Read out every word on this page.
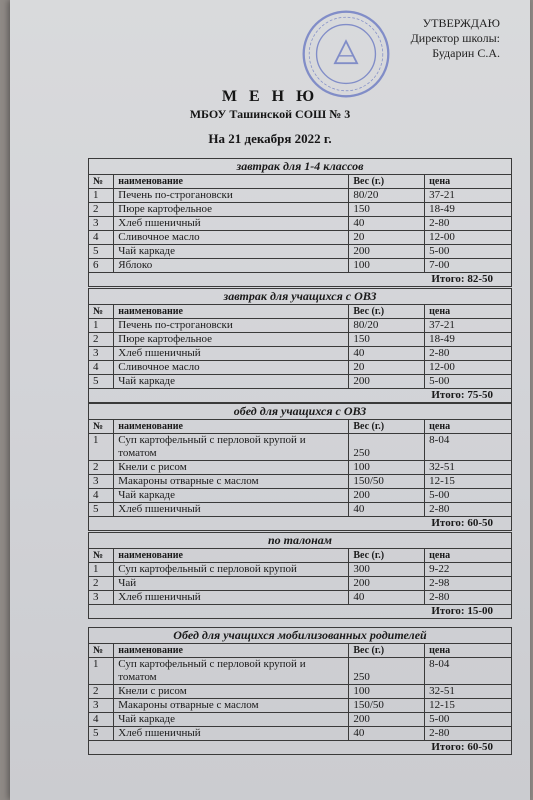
УТВЕРЖДАЮ
Директор школы:
Бударин С.А.
М Е Н Ю
МБОУ Ташинской СОШ № 3
На 21 декабря 2022 г.
завтрак для 1-4 классов			
№	наименование	Вес (г.)	цена
1	Печень по-строгановски	80/20	37-21
2	Пюре картофельное	150	18-49
3	Хлеб пшеничный	40	2-80
4	Сливочное масло	20	12-00
5	Чай каркаде	200	5-00
6	Яблоко	100	7-00
Итого: 82-50			
завтрак для учащихся с ОВЗ			
№	наименование	Вес (г.)	цена
1	Печень по-строгановски	80/20	37-21
2	Пюре картофельное	150	18-49
3	Хлеб пшеничный	40	2-80
4	Сливочное масло	20	12-00
5	Чай каркаде	200	5-00
Итого: 75-50			
обед для учащихся с ОВЗ			
№	наименование	Вес (г.)	цена
1	Суп картофельный с перловой крупой и томатом	250	8-04
2	Кнели с рисом	100	32-51
3	Макароны отварные с маслом	150/50	12-15
4	Чай каркаде	200	5-00
5	Хлеб пшеничный	40	2-80
Итого: 60-50			
по талонам			
№	наименование	Вес (г.)	цена
1	Суп картофельный с перловой крупой	300	9-22
2	Чай	200	2-98
3	Хлеб пшеничный	40	2-80
Итого: 15-00			
Обед для учащихся мобилизованных родителей			
№	наименование	Вес (г.)	цена
1	Суп картофельный с перловой крупой и томатом	250	8-04
2	Кнели с рисом	100	32-51
3	Макароны отварные с маслом	150/50	12-15
4	Чай каркаде	200	5-00
5	Хлеб пшеничный	40	2-80
Итого: 60-50			
